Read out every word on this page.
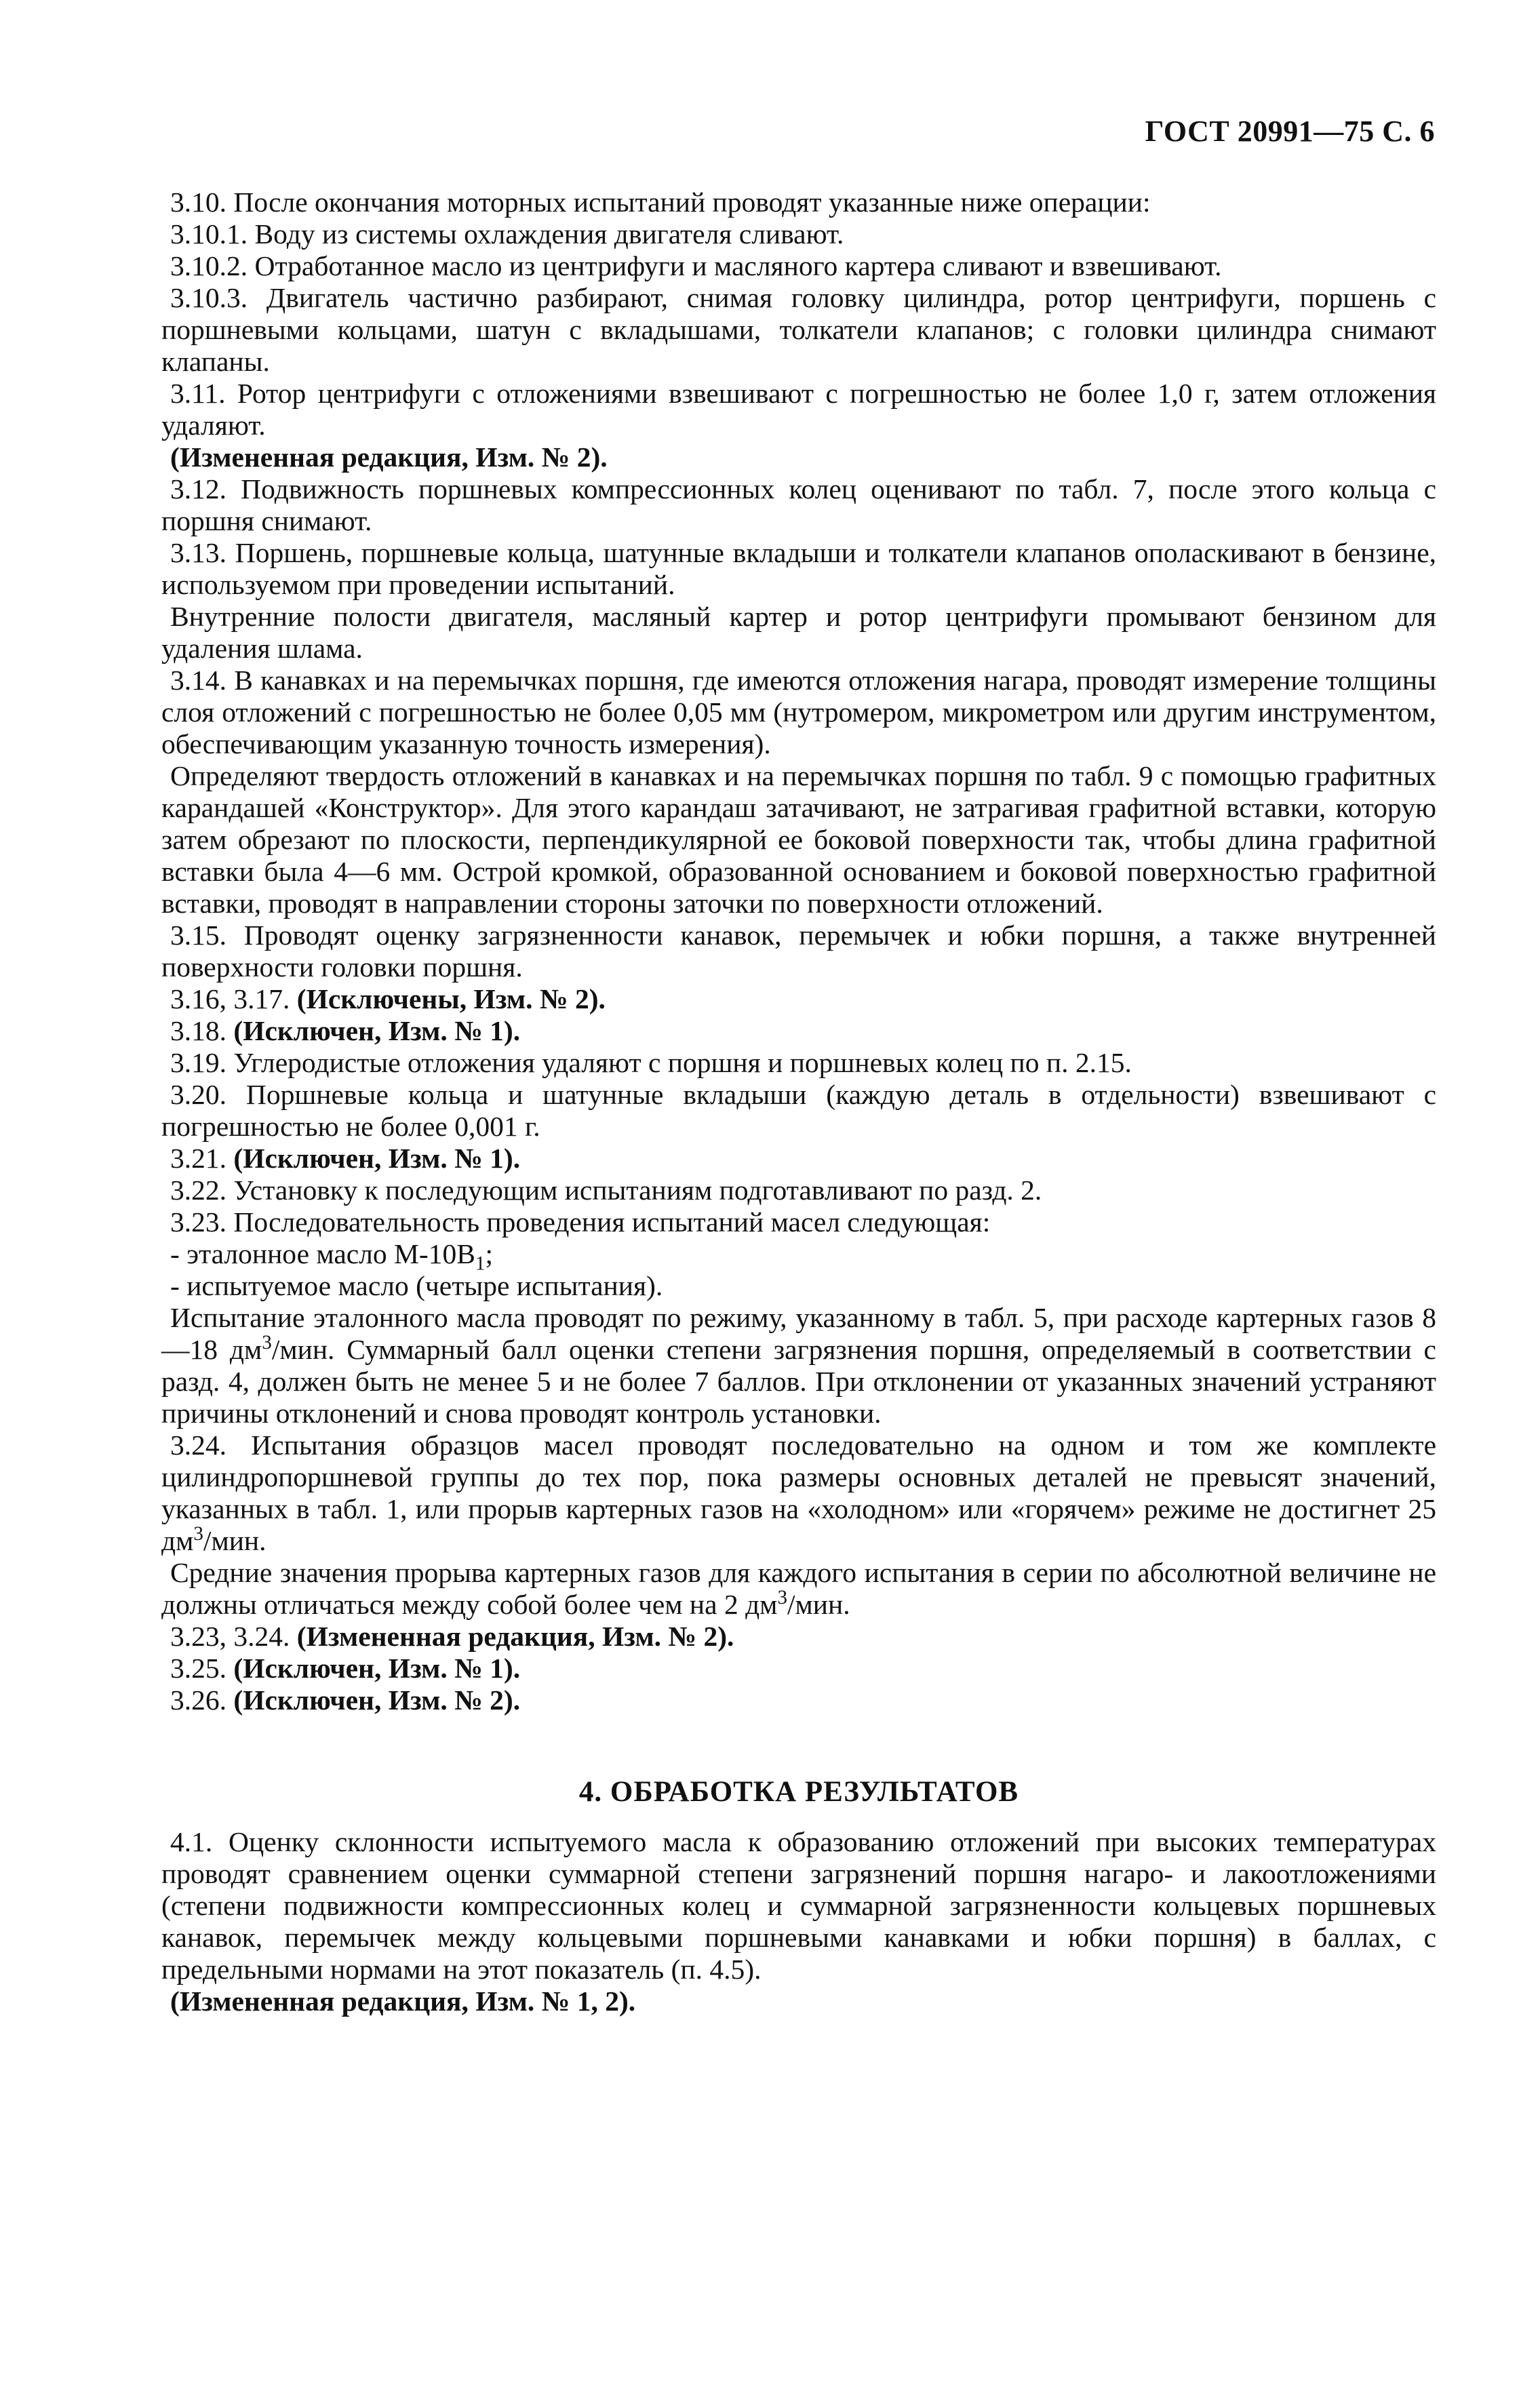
ГОСТ 20991—75 С. 6

3.10. После окончания моторных испытаний проводят указанные ниже операции:

3.10.1. Воду из системы охлаждения двигателя сливают.

3.10.2. Отработанное масло из центрифуги и масляного картера сливают и взвешивают.

3.10.3. Двигатель частично разбирают, снимая головку цилиндра, ротор центрифуги, поршень с поршневыми кольцами, шатун с вкладышами, толкатели клапанов; с головки цилиндра снимают клапаны.

3.11. Ротор центрифуги с отложениями взвешивают с погрешностью не более 1,0 г, затем отложения удаляют.

(Измененная редакция, Изм. № 2).

3.12. Подвижность поршневых компрессионных колец оценивают по табл. 7, после этого кольца с поршня снимают.

3.13. Поршень, поршневые кольца, шатунные вкладыши и толкатели клапанов ополаскивают в бензине, используемом при проведении испытаний.

Внутренние полости двигателя, масляный картер и ротор центрифуги промывают бензином для удаления шлама.

3.14. В канавках и на перемычках поршня, где имеются отложения нагара, проводят измерение толщины слоя отложений с погрешностью не более 0,05 мм (нутромером, микрометром или другим инструментом, обеспечивающим указанную точность измерения).

Определяют твердость отложений в канавках и на перемычках поршня по табл. 9 с помощью графитных карандашей «Конструктор». Для этого карандаш затачивают, не затрагивая графитной вставки, которую затем обрезают по плоскости, перпендикулярной ее боковой поверхности так, чтобы длина графитной вставки была 4—6 мм. Острой кромкой, образованной основанием и боковой поверхностью графитной вставки, проводят в направлении стороны заточки по поверхности отложений.

3.15. Проводят оценку загрязненности канавок, перемычек и юбки поршня, а также внутренней поверхности головки поршня.

3.16, 3.17. (Исключены, Изм. № 2).

3.18. (Исключен, Изм. № 1).

3.19. Углеродистые отложения удаляют с поршня и поршневых колец по п. 2.15.

3.20. Поршневые кольца и шатунные вкладыши (каждую деталь в отдельности) взвешивают с погрешностью не более 0,001 г.

3.21. (Исключен, Изм. № 1).

3.22. Установку к последующим испытаниям подготавливают по разд. 2.

3.23. Последовательность проведения испытаний масел следующая:

- эталонное масло $М-10В_1$;

- испытуемое масло (четыре испытания).

Испытание эталонного масла проводят по режиму, указанному в табл. 5, при расходе картерных газов 8—18 $дм^3$/мин. Суммарный балл оценки степени загрязнения поршня, определяемый в соответствии с разд. 4, должен быть не менее 5 и не более 7 баллов. При отклонении от указанных значений устраняют причины отклонений и снова проводят контроль установки.

3.24. Испытания образцов масел проводят последовательно на одном и том же комплекте цилиндропоршневой группы до тех пор, пока размеры основных деталей не превысят значений, указанных в табл. 1, или прорыв картерных газов на «холодном» или «горячем» режиме не достигнет 25 $дм^3$/мин.

Средние значения прорыва картерных газов для каждого испытания в серии по абсолютной величине не должны отличаться между собой более чем на 2 $дм^3$/мин.

3.23, 3.24. (Измененная редакция, Изм. № 2).

3.25. (Исключен, Изм. № 1).

3.26. (Исключен, Изм. № 2).

4. ОБРАБОТКА РЕЗУЛЬТАТОВ

4.1. Оценку склонности испытуемого масла к образованию отложений при высоких температурах проводят сравнением оценки суммарной степени загрязнений поршня нагаро- и лакоотложениями (степени подвижности компрессионных колец и суммарной загрязненности кольцевых поршневых канавок, перемычек между кольцевыми поршневыми канавками и юбки поршня) в баллах, с предельными нормами на этот показатель (п. 4.5).

(Измененная редакция, Изм. № 1, 2).
